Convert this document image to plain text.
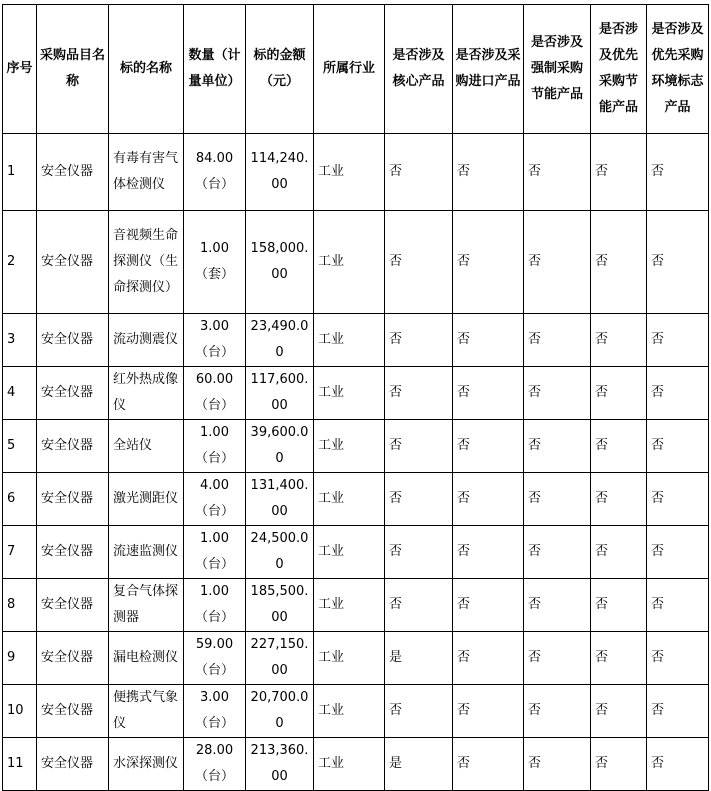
序号	采购品目名称	标的名称	数量（计量单位）	标的金额（元）	所属行业	是否涉及核心产品	是否涉及采购进口产品	是否涉及强制采购节能产品	是否涉及优先采购节能产品	是否涉及优先采购环境标志产品
1	安全仪器	有毒有害气体检测仪	84.00（台）	114,240.00	工业	否	否	否	否	否
2	安全仪器	音视频生命探测仪（生命探测仪）	1.00（套）	158,000.00	工业	否	否	否	否	否
3	安全仪器	流动测震仪	3.00（台）	23,490.00	工业	否	否	否	否	否
4	安全仪器	红外热成像仪	60.00（台）	117,600.00	工业	否	否	否	否	否
5	安全仪器	全站仪	1.00（台）	39,600.00	工业	否	否	否	否	否
6	安全仪器	激光测距仪	4.00（台）	131,400.00	工业	否	否	否	否	否
7	安全仪器	流速监测仪	1.00（台）	24,500.00	工业	否	否	否	否	否
8	安全仪器	复合气体探测器	1.00（台）	185,500.00	工业	否	否	否	否	否
9	安全仪器	漏电检测仪	59.00（台）	227,150.00	工业	是	否	否	否	否
10	安全仪器	便携式气象仪	3.00（台）	20,700.00	工业	否	否	否	否	否
11	安全仪器	水深探测仪	28.00（台）	213,360.00	工业	是	否	否	否	否
